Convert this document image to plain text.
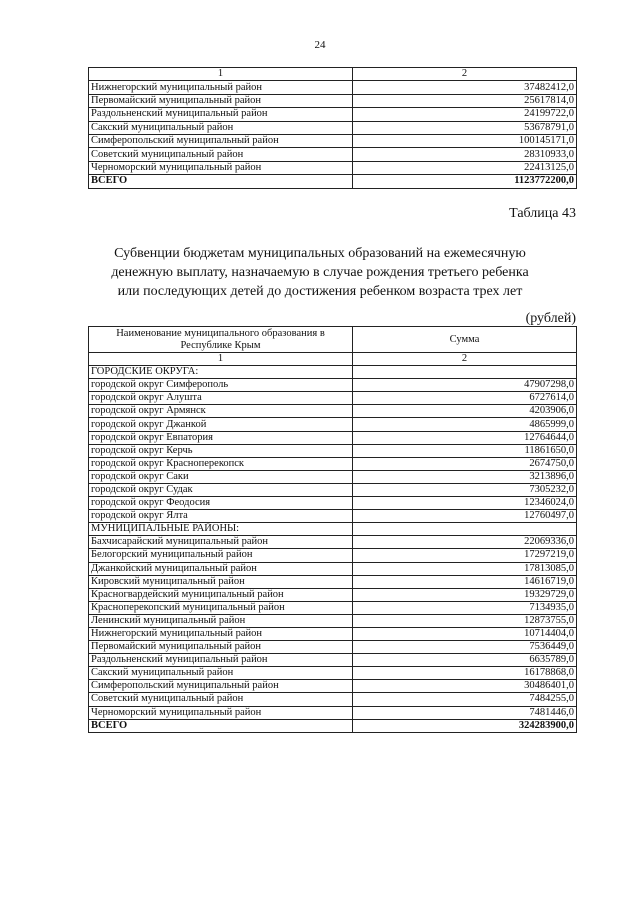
24
1	2
Нижнегорский муниципальный район	37482412,0
Первомайский муниципальный район	25617814,0
Раздольненский муниципальный район	24199722,0
Сакский муниципальный район	53678791,0
Симферопольский муниципальный район	100145171,0
Советский муниципальный район	28310933,0
Черноморский муниципальный район	22413125,0
ВСЕГО	1123772200,0
Таблица 43
Субвенции бюджетам муниципальных образований на ежемесячную
денежную выплату, назначаемую в случае рождения третьего ребенка
или последующих детей до достижения ребенком возраста трех лет
(рублей)
Наименование муниципального образования в Республике Крым	Сумма
1	2
ГОРОДСКИЕ ОКРУГА:	
городской округ Симферополь	47907298,0
городской округ Алушта	6727614,0
городской округ Армянск	4203906,0
городской округ Джанкой	4865999,0
городской округ Евпатория	12764644,0
городской округ Керчь	11861650,0
городской округ Красноперекопск	2674750,0
городской округ Саки	3213896,0
городской округ Судак	7305232,0
городской округ Феодосия	12346024,0
городской округ Ялта	12760497,0
МУНИЦИПАЛЬНЫЕ РАЙОНЫ:	
Бахчисарайский муниципальный район	22069336,0
Белогорский муниципальный район	17297219,0
Джанкойский муниципальный район	17813085,0
Кировский муниципальный район	14616719,0
Красногвардейский муниципальный район	19329729,0
Красноперекопский муниципальный район	7134935,0
Ленинский муниципальный район	12873755,0
Нижнегорский муниципальный район	10714404,0
Первомайский муниципальный район	7536449,0
Раздольненский муниципальный район	6635789,0
Сакский муниципальный район	16178868,0
Симферопольский муниципальный район	30486401,0
Советский муниципальный район	7484255,0
Черноморский муниципальный район	7481446,0
ВСЕГО	324283900,0
